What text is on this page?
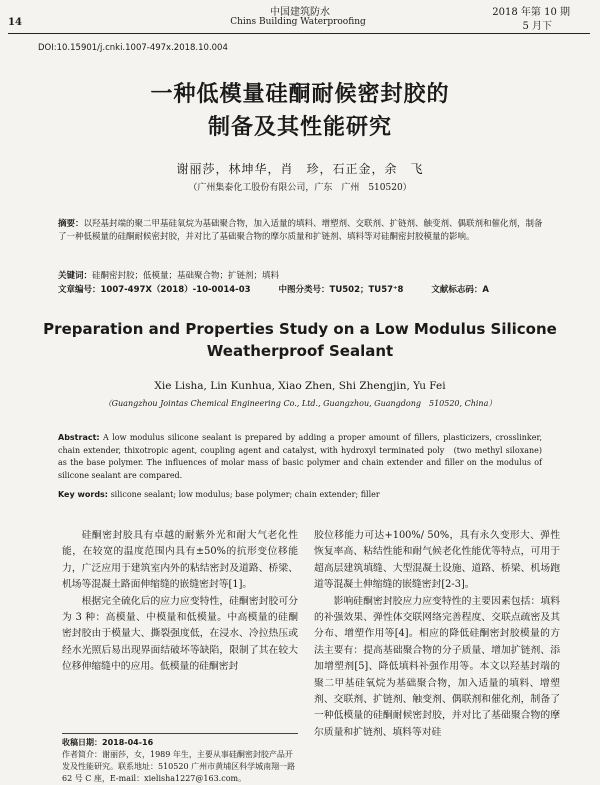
中国建筑防水
14	Chins Building Waterproofing
2018 年第 10 期
5 月下
DOI:10.15901/j.cnki.1007-497x.2018.10.004
一种低模量硅酮耐候密封胶的
制备及其性能研究
谢丽莎，林坤华，肖　珍，石正金，余　飞
（广州集泰化工股份有限公司，广东　广州　510520）
摘要：以羟基封端的聚二甲基硅氧烷为基础聚合物，加入适量的填料、增塑剂、交联剂、扩链剂、触变剂、偶联剂和催化剂，制备了一种低模量的硅酮耐候密封胶，并对比了基础聚合物的摩尔质量和扩链剂、填料等对硅酮密封胶模量的影响。
关键词：硅酮密封胶；低模量；基础聚合物；扩链剂；填料
文章编号：1007-497X（2018）-10-0014-03	中图分类号：TU502；TU57⁺8	文献标志码：A
Preparation and Properties Study on a Low Modulus Silicone
Weatherproof Sealant
Xie Lisha, Lin Kunhua, Xiao Zhen, Shi Zhengjin, Yu Fei
（Guangzhou Jointas Chemical Engineering Co., Ltd., Guangzhou, Guangdong　510520, China）
Abstract: A low modulus silicone sealant is prepared by adding a proper amount of fillers, plasticizers, crosslinker, chain extender, thixotropic agent, coupling agent and catalyst, with hydroxyl terminated poly　(two methyl siloxane) as the base polymer. The influences of molar mass of basic polymer and chain extender and filler on the modulus of silicone sealant are compared.
Key words: silicone sealant; low modulus; base polymer; chain extender; filler

硅酮密封胶具有卓越的耐紫外光和耐大气老化性能，在较宽的温度范围内具有±50%的抗形变位移能力，广泛应用于建筑室内外的粘结密封及道路、桥梁、机场等混凝土路面伸缩缝的嵌缝密封等[1]。

根据完全硫化后的应力应变特性，硅酮密封胶可分为 3 种：高模量、中模量和低模量。中高模量的硅酮密封胶由于模量大、撕裂强度低，在浸水、冷拉热压或经水光照后易出现界面结破坏等缺陷，限制了其在较大位移伸缩缝中的应用。低模量的硅酮密封

胶位移能力可达+100%/ 50%，具有永久变形大、弹性恢复率高、粘结性能和耐气候老化性能优等特点，可用于超高层建筑填缝、大型混凝土设施、道路、桥梁、机场跑道等混凝土伸缩缝的嵌缝密封[2-3]。

影响硅酮密封胶应力应变特性的主要因素包括：填料的补强效果、弹性体交联网络完善程度、交联点疏密及其分布、增塑作用等[4]。相应的降低硅酮密封胶模量的方法主要有：提高基础聚合物的分子质量、增加扩链剂、添加增塑剂[5]、降低填料补强作用等。本文以羟基封端的聚二甲基硅氧烷为基础聚合物，加入适量的填料、增塑剂、交联剂、扩链剂、触变剂、偶联剂和催化剂，制备了一种低模量的硅酮耐候密封胶，并对比了基础聚合物的摩尔质量和扩链剂、填料等对硅

收稿日期：2018-04-16
作者简介：谢丽莎，女，1989 年生，主要从事硅酮密封胶产品开发及性能研究。联系地址：510520 广州市黄埔区科学城南翔一路 62 号 C 座，E-mail：xielisha1227@163.com。
